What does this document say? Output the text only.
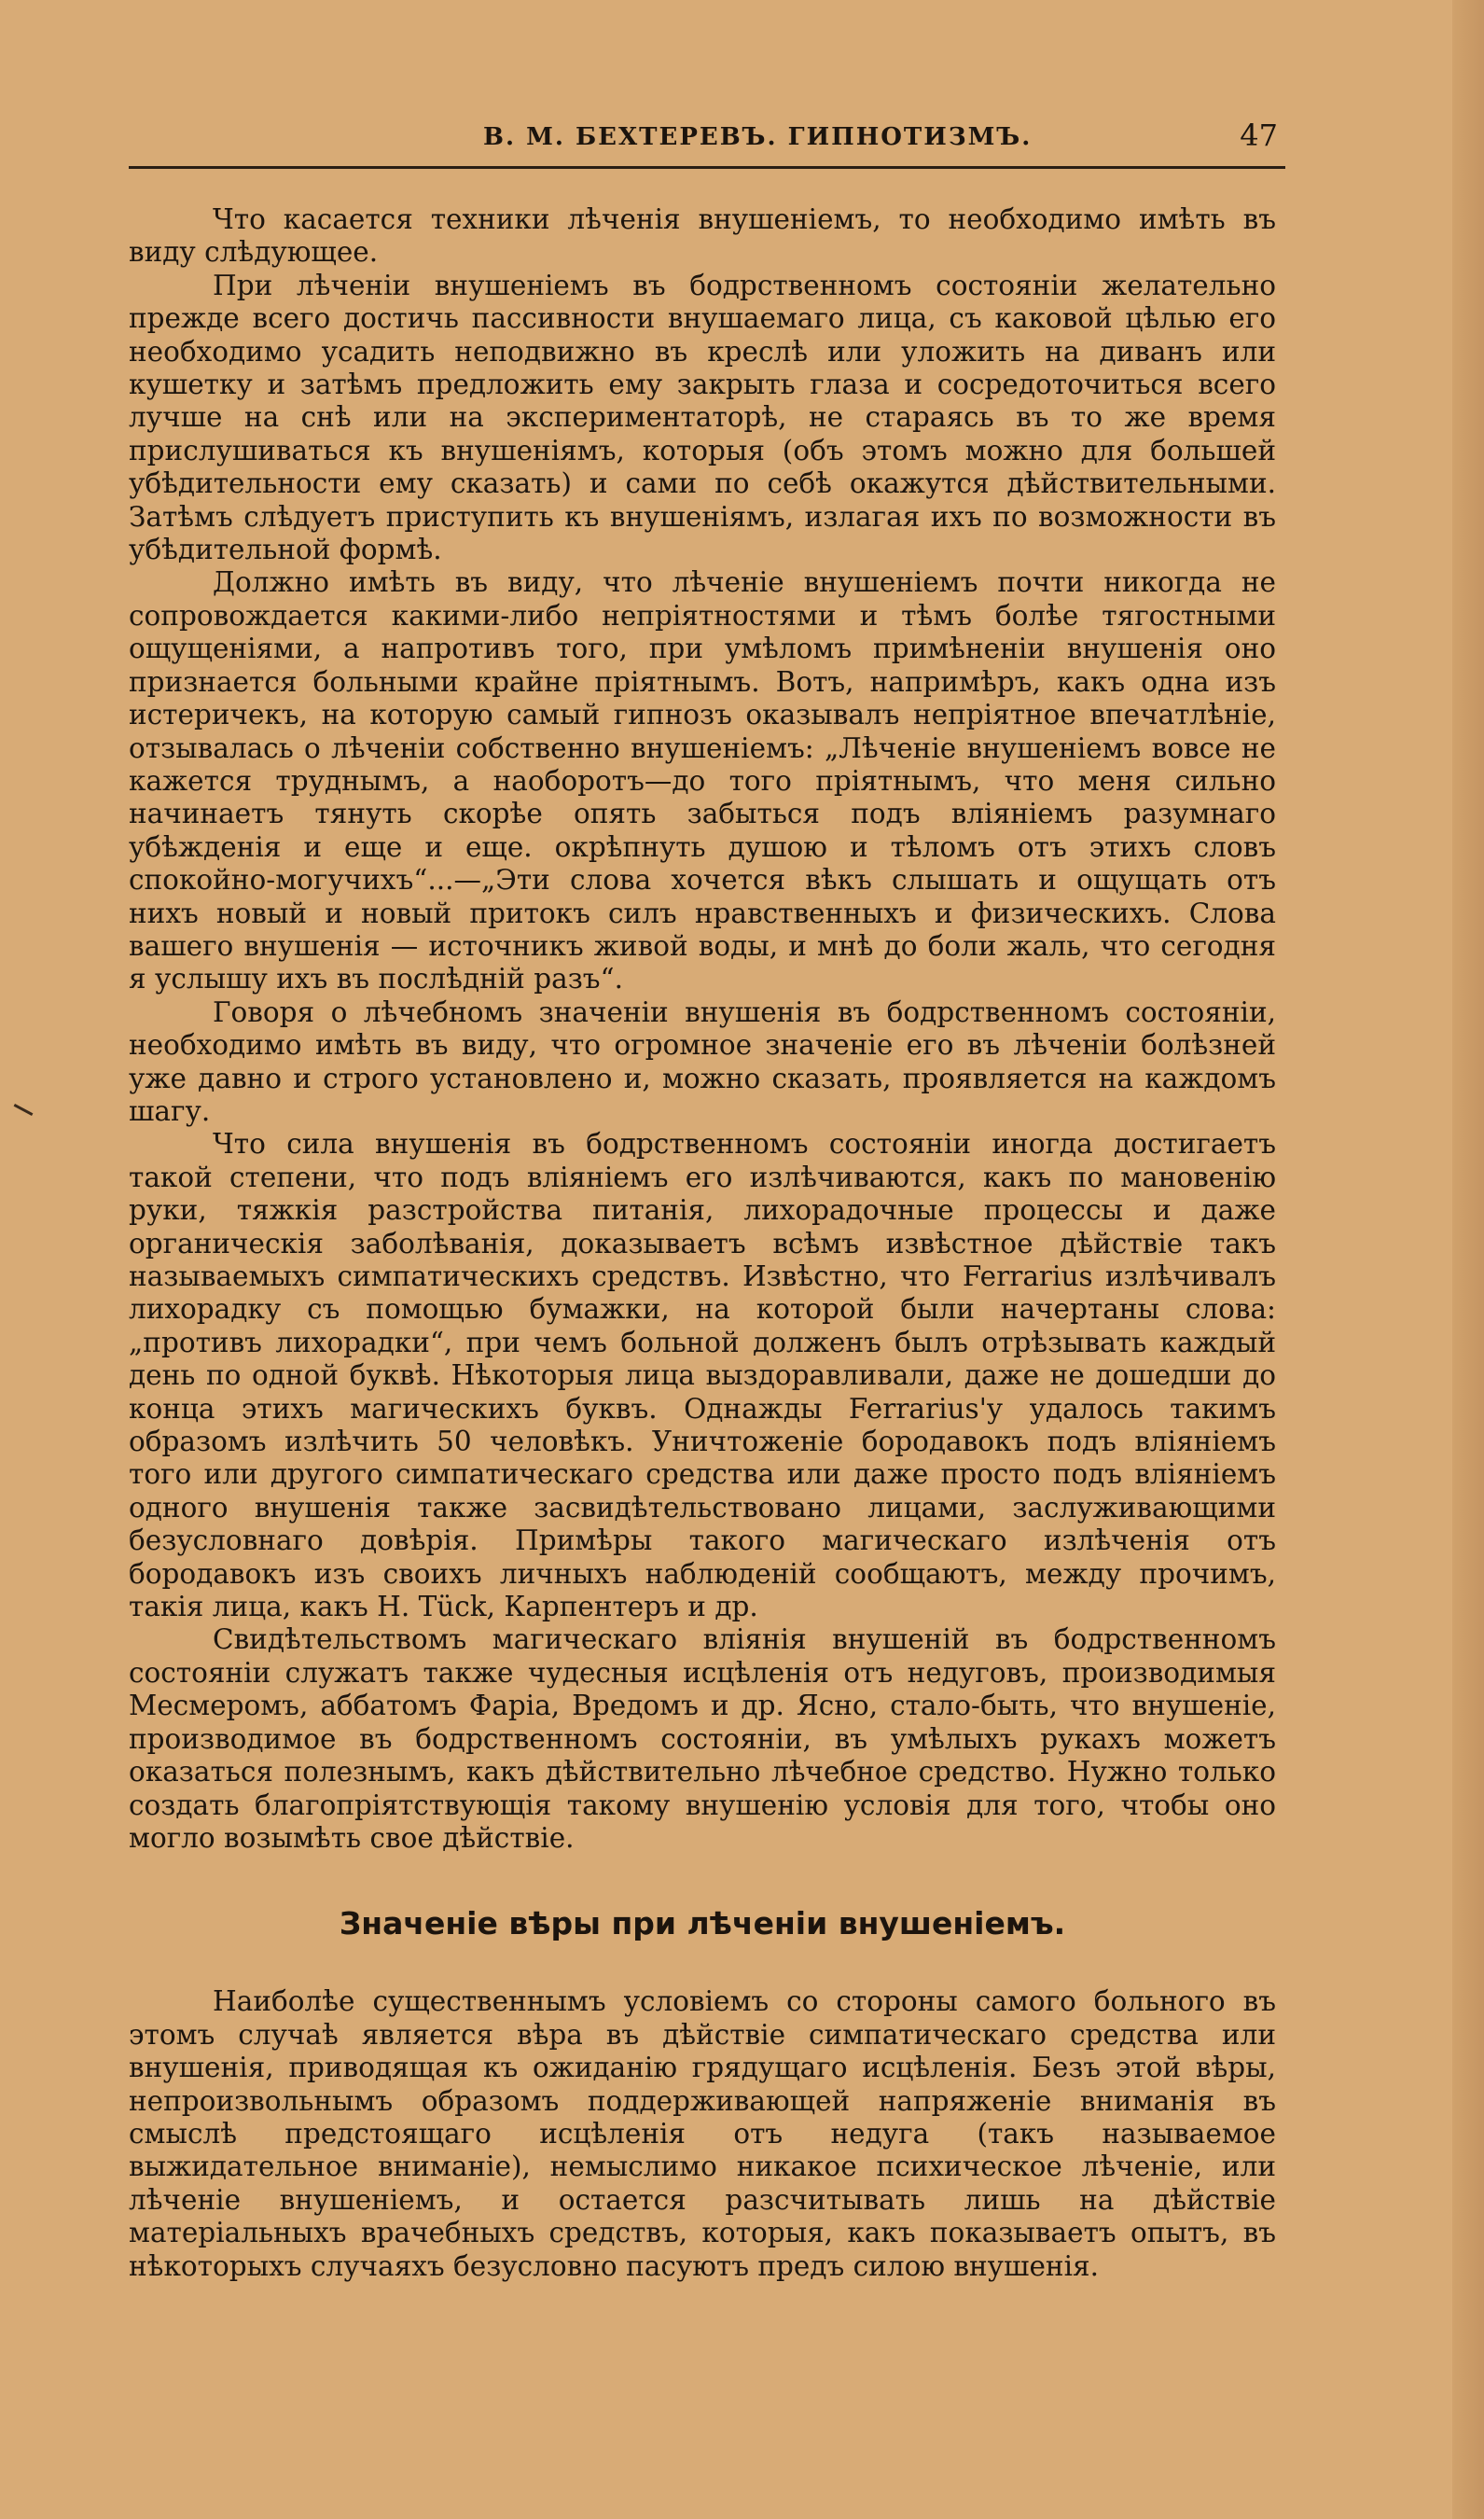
В. М. БЕХТЕРЕВЪ. ГИПНОТИЗМЪ.	47

Что касается техники лѣченія внушеніемъ, то необходимо имѣть въ виду слѣдующее.

При лѣченіи внушеніемъ въ бодрственномъ состояніи желательно прежде всего достичь пассивности внушаемаго лица, съ каковой цѣлью его необходимо усадить неподвижно въ креслѣ или уложить на диванъ или кушетку и затѣмъ предложить ему закрыть глаза и сосредоточиться всего лучше на снѣ или на экспериментаторѣ, не стараясь въ то же время прислушиваться къ внушеніямъ, которыя (объ этомъ можно для большей убѣдительности ему сказать) и сами по себѣ окажутся дѣйствительными. Затѣмъ слѣдуетъ приступить къ внушеніямъ, излагая ихъ по возможности въ убѣдительной формѣ.

Должно имѣть въ виду, что лѣченіе внушеніемъ почти никогда не сопровождается какими-либо непріятностями и тѣмъ болѣе тягостными ощущеніями, а напротивъ того, при умѣломъ примѣненіи внушенія оно признается больными крайне пріятнымъ. Вотъ, напримѣръ, какъ одна изъ истеричекъ, на которую самый гипнозъ оказывалъ непріятное впечатлѣніе, отзывалась о лѣченіи собственно внушеніемъ: „Лѣченіе внушеніемъ вовсе не кажется труднымъ, а наоборотъ—до того пріятнымъ, что меня сильно начинаетъ тянуть скорѣе опять забыться подъ вліяніемъ разумнаго убѣжденія и еще и еще. окрѣпнуть душою и тѣломъ отъ этихъ словъ спокойно-могучихъ“...—„Эти слова хочется вѣкъ слышать и ощущать отъ нихъ новый и новый притокъ силъ нравственныхъ и физическихъ. Слова вашего внушенія — источникъ живой воды, и мнѣ до боли жаль, что сегодня я услышу ихъ въ послѣдній разъ“.

Говоря о лѣчебномъ значеніи внушенія въ бодрственномъ состояніи, необходимо имѣть въ виду, что огромное значеніе его въ лѣченіи болѣзней уже давно и строго установлено и, можно сказать, проявляется на каждомъ шагу.

Что сила внушенія въ бодрственномъ состояніи иногда достигаетъ такой степени, что подъ вліяніемъ его излѣчиваются, какъ по мановенію руки, тяжкія разстройства питанія, лихорадочные процессы и даже органическія заболѣванія, доказываетъ всѣмъ извѣстное дѣйствіе такъ называемыхъ симпатическихъ средствъ. Извѣстно, что Ferrarius излѣчивалъ лихорадку съ помощью бумажки, на которой были начертаны слова: „противъ лихорадки“, при чемъ больной долженъ былъ отрѣзывать каждый день по одной буквѣ. Нѣкоторыя лица выздоравливали, даже не дошедши до конца этихъ магическихъ буквъ. Однажды Ferrarius'у удалось такимъ образомъ излѣчить 50 человѣкъ. Уничтоженіе бородавокъ подъ вліяніемъ того или другого симпатическаго средства или даже просто подъ вліяніемъ одного внушенія также засвидѣтельствовано лицами, заслуживающими безусловнаго довѣрія. Примѣры такого магическаго излѣченія отъ бородавокъ изъ своихъ личныхъ наблюденій сообщаютъ, между прочимъ, такія лица, какъ H. Tück, Карпентеръ и др.

Свидѣтельствомъ магическаго вліянія внушеній въ бодрственномъ состояніи служатъ также чудесныя исцѣленія отъ недуговъ, производимыя Месмеромъ, аббатомъ Фаріа, Вредомъ и др. Ясно, стало-быть, что внушеніе, производимое въ бодрственномъ состояніи, въ умѣлыхъ рукахъ можетъ оказаться полезнымъ, какъ дѣйствительно лѣчебное средство. Нужно только создать благопріятствующія такому внушенію условія для того, чтобы оно могло возымѣть свое дѣйствіе.

Значеніе вѣры при лѣченіи внушеніемъ.

Наиболѣе существеннымъ условіемъ со стороны самого больного въ этомъ случаѣ является вѣра въ дѣйствіе симпатическаго средства или внушенія, приводящая къ ожиданію грядущаго исцѣленія. Безъ этой вѣры, непроизвольнымъ образомъ поддерживающей напряженіе вниманія въ смыслѣ предстоящаго исцѣленія отъ недуга (такъ называемое выжидательное вниманіе), немыслимо никакое психическое лѣченіе, или лѣченіе внушеніемъ, и остается разсчитывать лишь на дѣйствіе матеріальныхъ врачебныхъ средствъ, которыя, какъ показываетъ опытъ, въ нѣкоторыхъ случаяхъ безусловно пасуютъ предъ силою внушенія.
